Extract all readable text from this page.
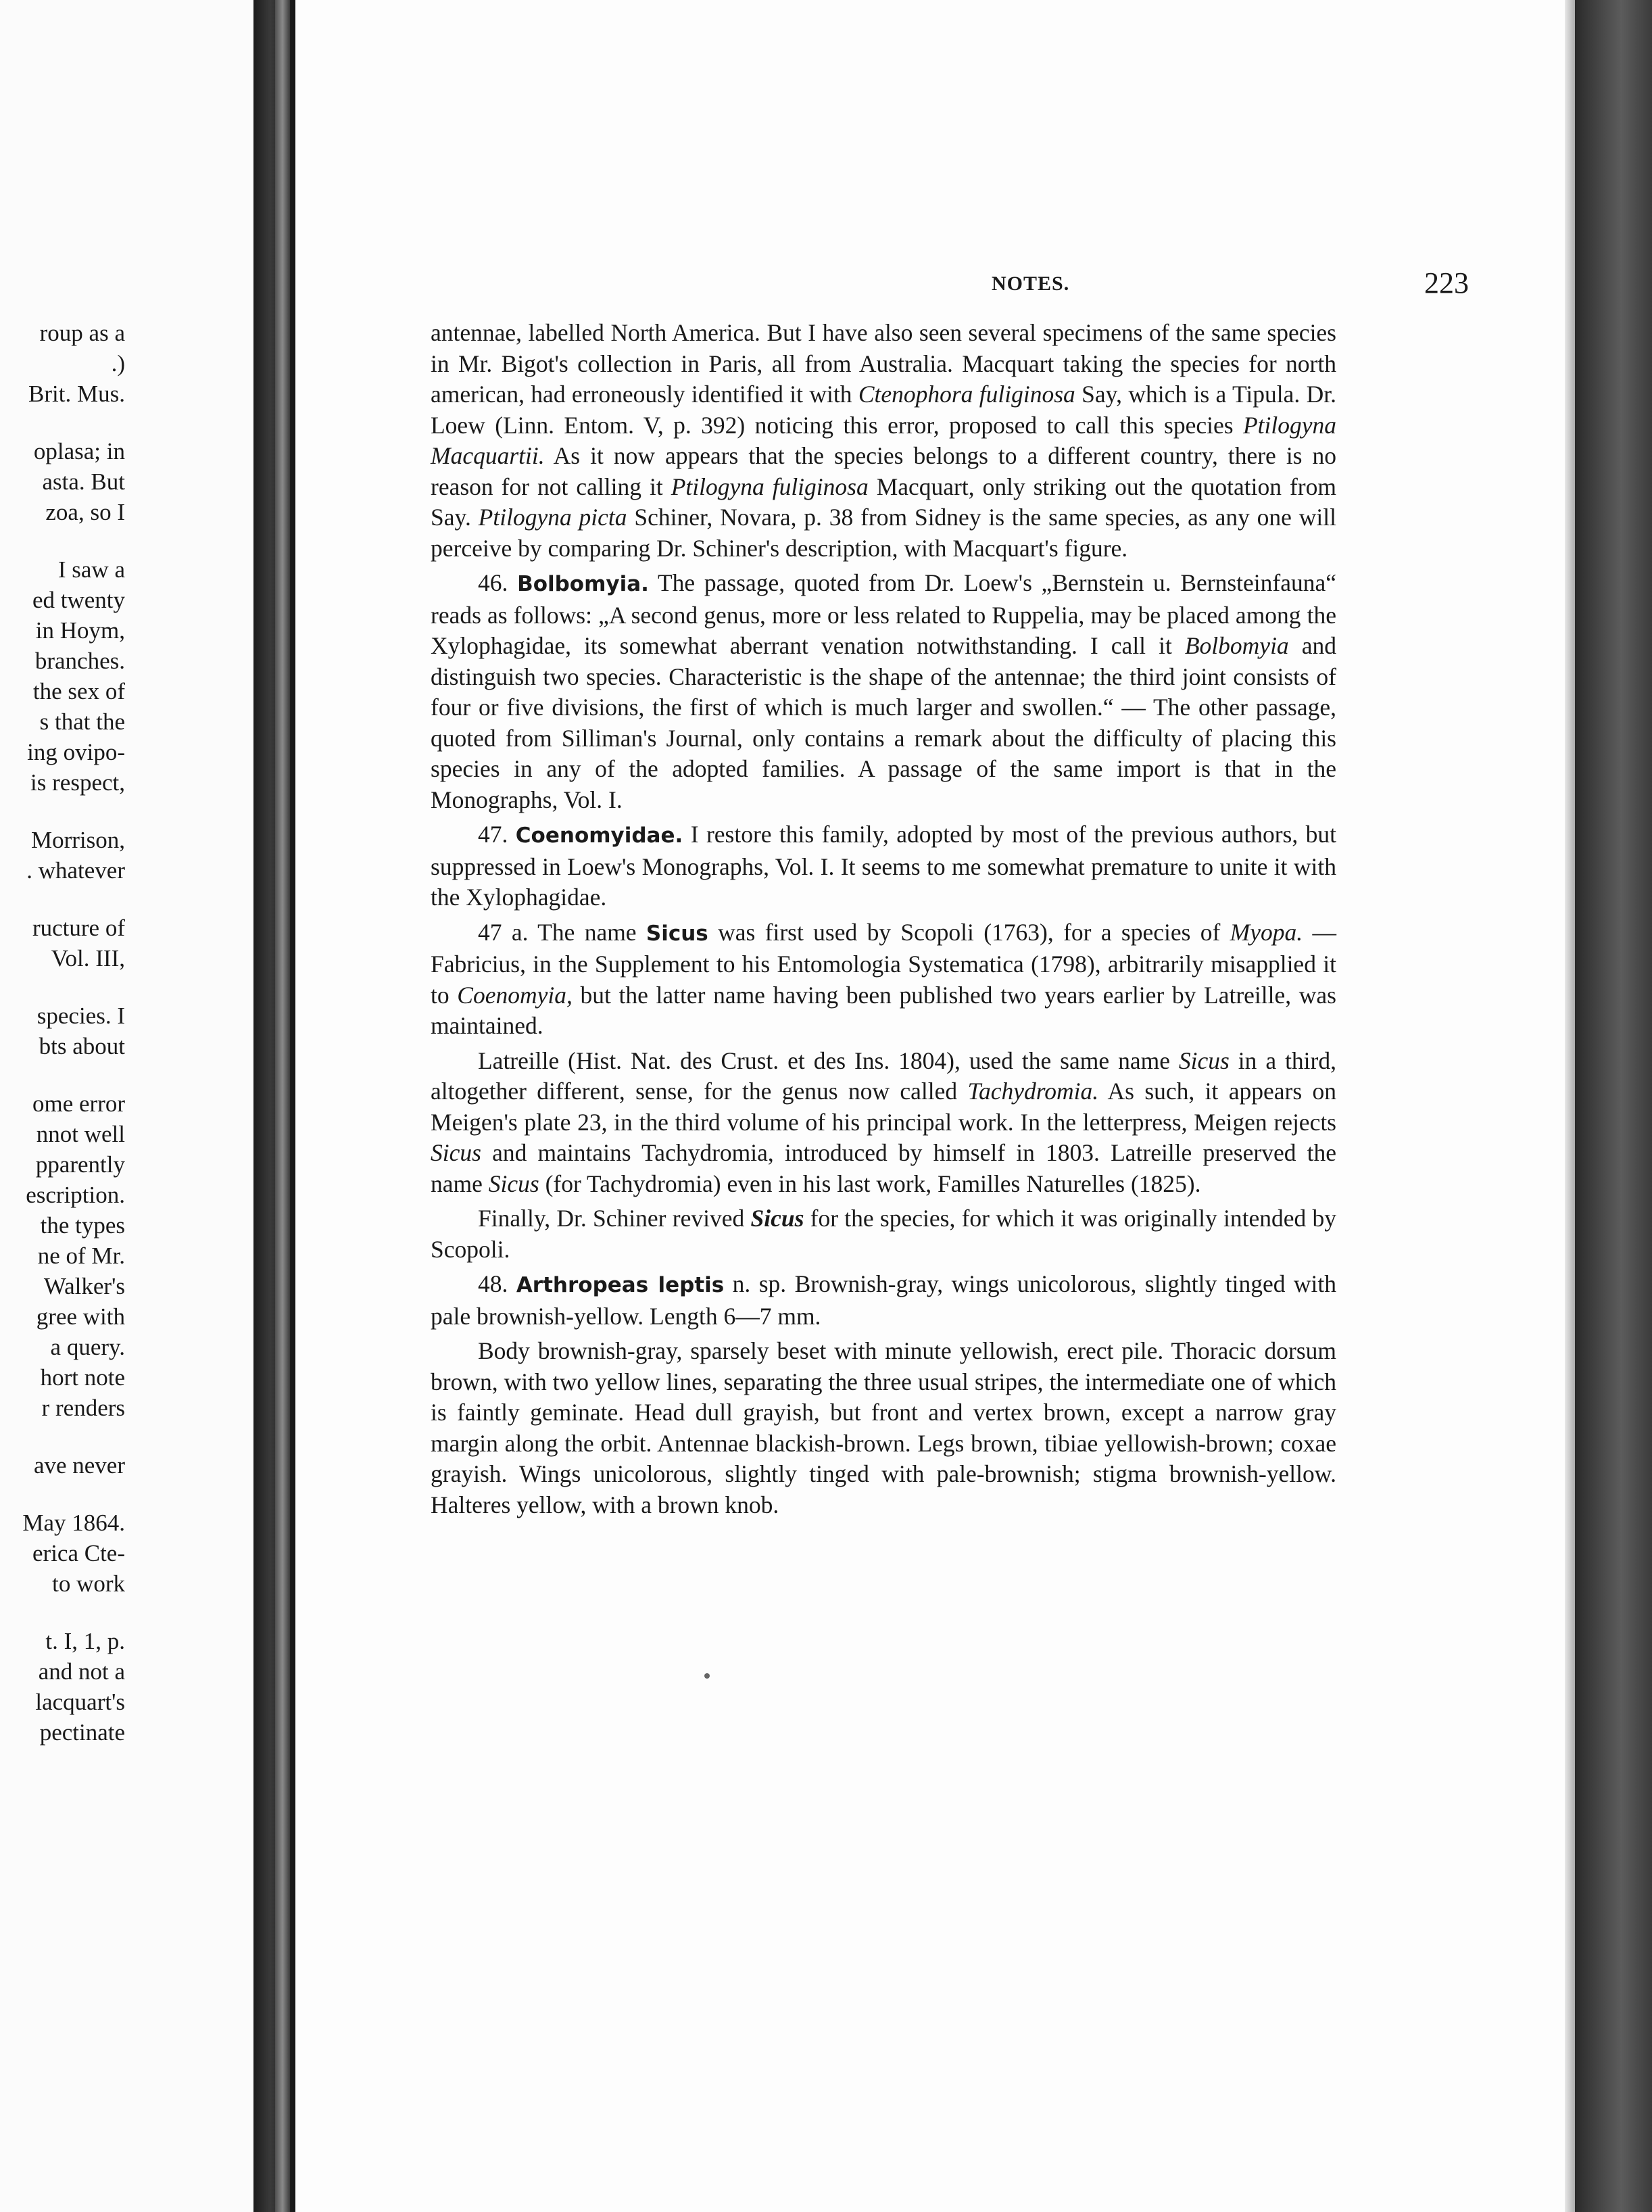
roup as a
.)
Brit. Mus.
oplasa; in
asta. But
zoa, so I
I saw a
ed twenty
in Hoym,
branches.
the sex of
s that the
ing ovipo-
is respect,
Morrison,
. whatever
ructure of
Vol. III,
species. I
bts about
ome error
nnot well
pparently
escription.
the types
ne of Mr.
Walker's
gree with
a query.
hort note
r renders
ave never
May 1864.
erica Cte-
to work
t. I, 1, p.
and not a
lacquart's
pectinate
NOTES.	223

antennae, labelled North America. But I have also seen several specimens of the same species in Mr. Bigot's collection in Paris, all from Australia. Macquart taking the species for north american, had erroneously identified it with Ctenophora fuliginosa Say, which is a Tipula. Dr. Loew (Linn. Entom. V, p. 392) noticing this error, proposed to call this species Ptilogyna Macquartii. As it now appears that the species belongs to a different country, there is no reason for not calling it Ptilogyna fuliginosa Macquart, only striking out the quotation from Say. Ptilogyna picta Schiner, Novara, p. 38 from Sidney is the same species, as any one will perceive by comparing Dr. Schiner's description, with Macquart's figure.

46. Bolbomyia. The passage, quoted from Dr. Loew's „Bernstein u. Bernsteinfauna“ reads as follows: „A second genus, more or less related to Ruppelia, may be placed among the Xylophagidae, its somewhat aberrant venation notwithstanding. I call it Bolbomyia and distinguish two species. Characteristic is the shape of the antennae; the third joint consists of four or five divisions, the first of which is much larger and swollen.“ — The other passage, quoted from Silliman's Journal, only contains a remark about the difficulty of placing this species in any of the adopted families. A passage of the same import is that in the Monographs, Vol. I.

47. Coenomyidae. I restore this family, adopted by most of the previous authors, but suppressed in Loew's Monographs, Vol. I. It seems to me somewhat premature to unite it with the Xylophagidae.

47 a. The name Sicus was first used by Scopoli (1763), for a species of Myopa. — Fabricius, in the Supplement to his Entomologia Systematica (1798), arbitrarily misapplied it to Coenomyia, but the latter name having been published two years earlier by Latreille, was maintained.

Latreille (Hist. Nat. des Crust. et des Ins. 1804), used the same name Sicus in a third, altogether different, sense, for the genus now called Tachydromia. As such, it appears on Meigen's plate 23, in the third volume of his principal work. In the letterpress, Meigen rejects Sicus and maintains Tachydromia, introduced by himself in 1803. Latreille preserved the name Sicus (for Tachydromia) even in his last work, Familles Naturelles (1825).

Finally, Dr. Schiner revived Sicus for the species, for which it was originally intended by Scopoli.

48. Arthropeas leptis n. sp. Brownish-gray, wings unicolorous, slightly tinged with pale brownish-yellow. Length 6—7 mm.

Body brownish-gray, sparsely beset with minute yellowish, erect pile. Thoracic dorsum brown, with two yellow lines, separating the three usual stripes, the intermediate one of which is faintly geminate. Head dull grayish, but front and vertex brown, except a narrow gray margin along the orbit. Antennae blackish-brown. Legs brown, tibiae yellowish-brown; coxae grayish. Wings unicolorous, slightly tinged with pale-brownish; stigma brownish-yellow. Halteres yellow, with a brown knob.
